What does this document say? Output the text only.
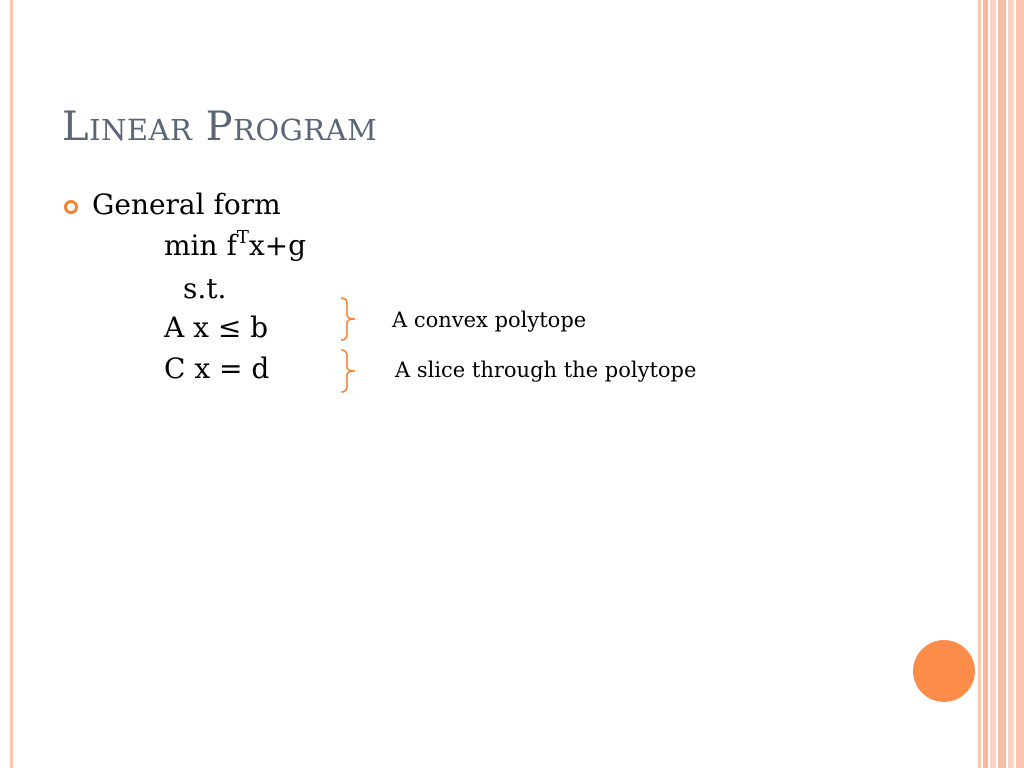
LINEAR PROGRAM
General form
$\min f^Tx+g$
s.t.
A x ≤ b
C x = d
A convex polytope
A slice through the polytope
